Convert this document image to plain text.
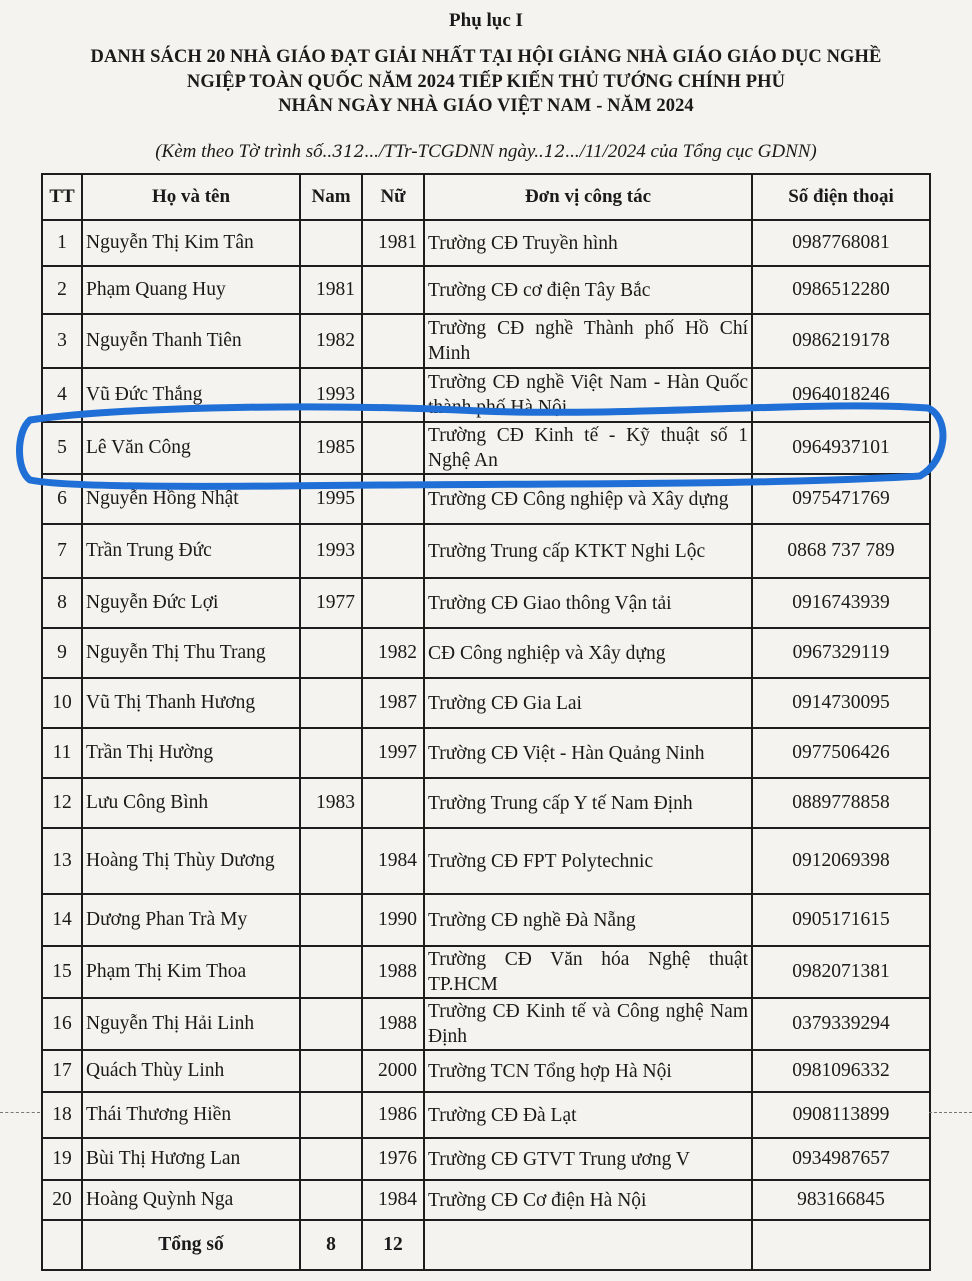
Phụ lục I
DANH SÁCH 20 NHÀ GIÁO ĐẠT GIẢI NHẤT TẠI HỘI GIẢNG NHÀ GIÁO GIÁO DỤC NGHỀ
NGIỆP TOÀN QUỐC NĂM 2024 TIẾP KIẾN THỦ TƯỚNG CHÍNH PHỦ
NHÂN NGÀY NHÀ GIÁO VIỆT NAM - NĂM 2024
(Kèm theo Tờ trình số..312.../TTr-TCGDNN ngày..12.../11/2024 của Tổng cục GDNN)
TT	Họ và tên	Nam	Nữ	Đơn vị công tác	Số điện thoại
1	Nguyễn Thị Kim Tân		1981	Trường CĐ Truyền hình	0987768081
2	Phạm Quang Huy	1981		Trường CĐ cơ điện Tây Bắc	0986512280
3	Nguyễn Thanh Tiên	1982		Trường CĐ nghề Thành phố Hồ Chí Minh	0986219178
4	Vũ Đức Thắng	1993		Trường CĐ nghề Việt Nam - Hàn Quốc thành phố Hà Nội	0964018246
5	Lê Văn Công	1985		Trường CĐ Kinh tế - Kỹ thuật số 1 Nghệ An	0964937101
6	Nguyễn Hồng Nhật	1995		Trường CĐ Công nghiệp và Xây dựng	0975471769
7	Trần Trung Đức	1993		Trường Trung cấp KTKT Nghi Lộc	0868 737 789
8	Nguyễn Đức Lợi	1977		Trường CĐ Giao thông Vận tải	0916743939
9	Nguyễn Thị Thu Trang		1982	CĐ Công nghiệp và Xây dựng	0967329119
10	Vũ Thị Thanh Hương		1987	Trường CĐ Gia Lai	0914730095
11	Trần Thị Hường		1997	Trường CĐ Việt - Hàn Quảng Ninh	0977506426
12	Lưu Công Bình	1983		Trường Trung cấp Y tế Nam Định	0889778858
13	Hoàng Thị Thùy Dương		1984	Trường CĐ FPT Polytechnic	0912069398
14	Dương Phan Trà My		1990	Trường CĐ nghề Đà Nẵng	0905171615
15	Phạm Thị Kim Thoa		1988	Trường CĐ Văn hóa Nghệ thuật TP.HCM	0982071381
16	Nguyễn Thị Hải Linh		1988	Trường CĐ Kinh tế và Công nghệ Nam Định	0379339294
17	Quách Thùy Linh		2000	Trường TCN Tổng hợp Hà Nội	0981096332
18	Thái Thương Hiền		1986	Trường CĐ Đà Lạt	0908113899
19	Bùi Thị Hương Lan		1976	Trường CĐ GTVT Trung ương V	0934987657
20	Hoàng Quỳnh Nga		1984	Trường CĐ Cơ điện Hà Nội	983166845
	Tổng số	8	12		
